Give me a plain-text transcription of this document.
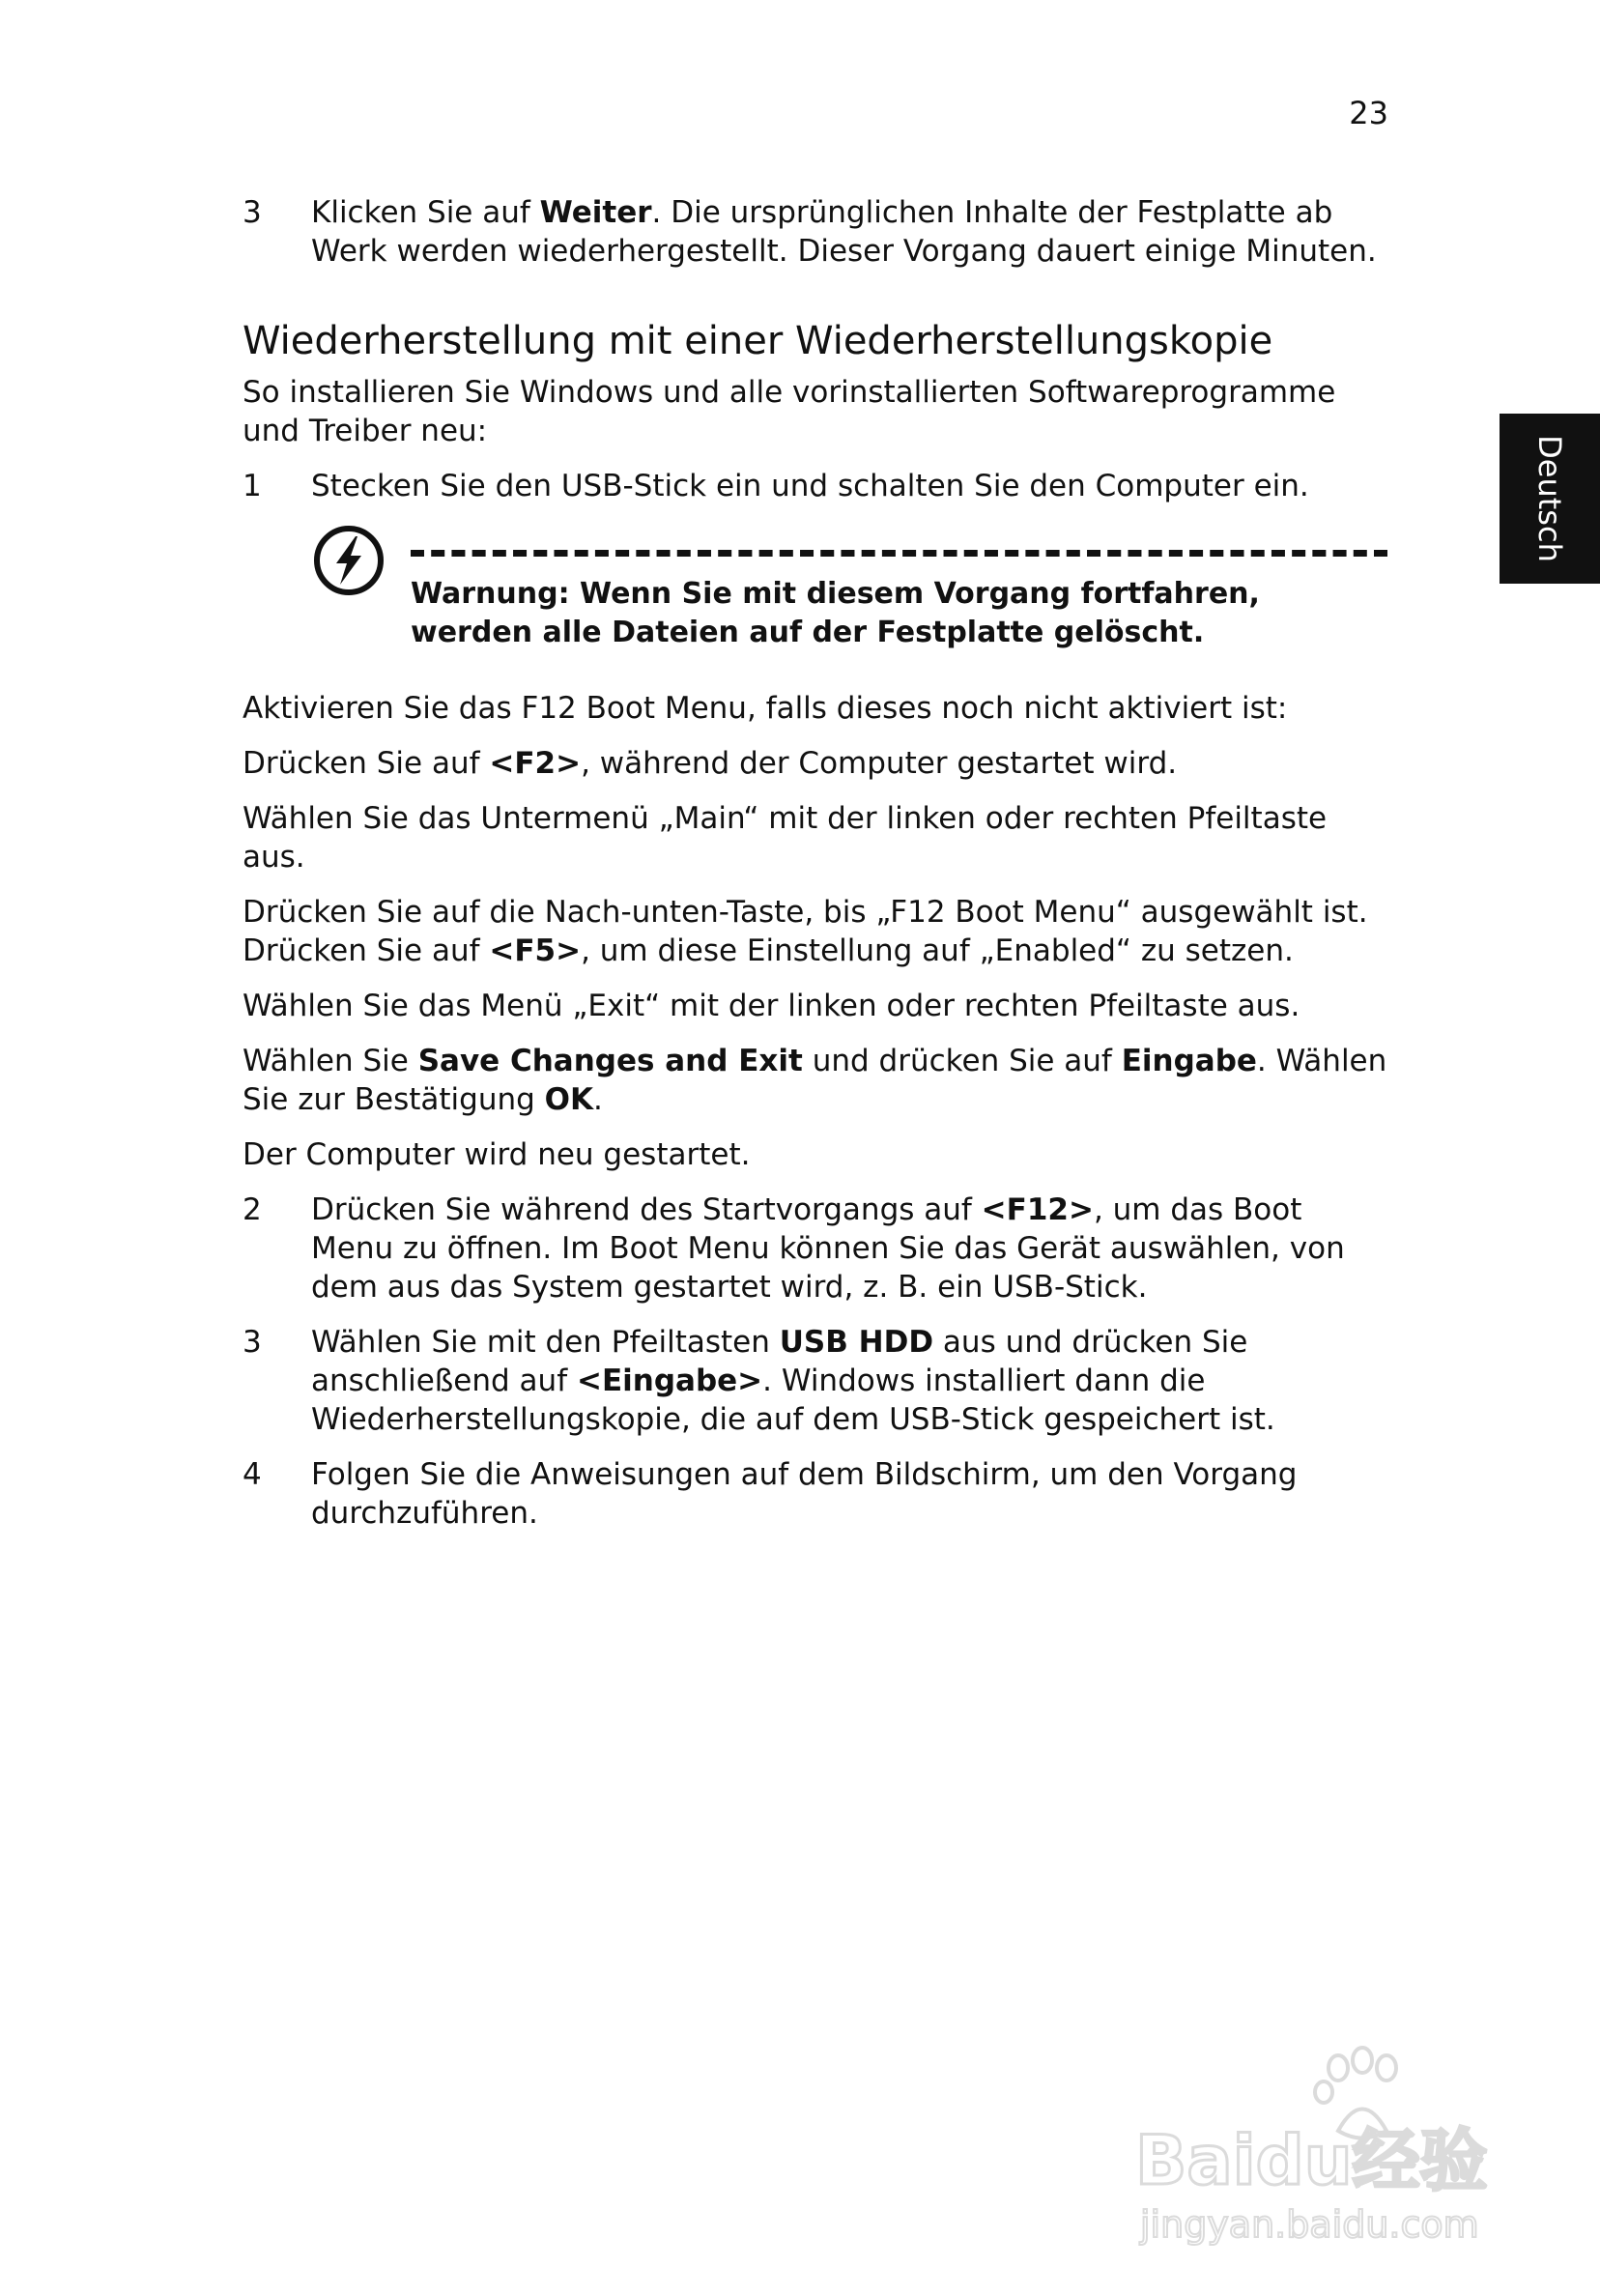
23
Deutsch
3	Klicken Sie auf Weiter. Die ursprünglichen Inhalte der Festplatte ab Werk werden wiederhergestellt. Dieser Vorgang dauert einige Minuten.
Wiederherstellung mit einer Wiederherstellungskopie

So installieren Sie Windows und alle vorinstallierten Softwareprogramme und Treiber neu:

1	Stecken Sie den USB-Stick ein und schalten Sie den Computer ein.
Warnung: Wenn Sie mit diesem Vorgang fortfahren, werden alle Dateien auf der Festplatte gelöscht.

Aktivieren Sie das F12 Boot Menu, falls dieses noch nicht aktiviert ist:

Drücken Sie auf <F2>, während der Computer gestartet wird.

Wählen Sie das Untermenü „Main“ mit der linken oder rechten Pfeiltaste aus.

Drücken Sie auf die Nach-unten-Taste, bis „F12 Boot Menu“ ausgewählt ist. Drücken Sie auf <F5>, um diese Einstellung auf „Enabled“ zu setzen.

Wählen Sie das Menü „Exit“ mit der linken oder rechten Pfeiltaste aus.

Wählen Sie Save Changes and Exit und drücken Sie auf Eingabe. Wählen Sie zur Bestätigung OK.

Der Computer wird neu gestartet.

2	Drücken Sie während des Startvorgangs auf <F12>, um das Boot Menu zu öffnen. Im Boot Menu können Sie das Gerät auswählen, von dem aus das System gestartet wird, z. B. ein USB-Stick.
3	Wählen Sie mit den Pfeiltasten USB HDD aus und drücken Sie anschließend auf <Eingabe>. Windows installiert dann die Wiederherstellungskopie, die auf dem USB-Stick gespeichert ist.
4	Folgen Sie die Anweisungen auf dem Bildschirm, um den Vorgang durchzuführen.
Baidu经验
jingyan.baidu.com
